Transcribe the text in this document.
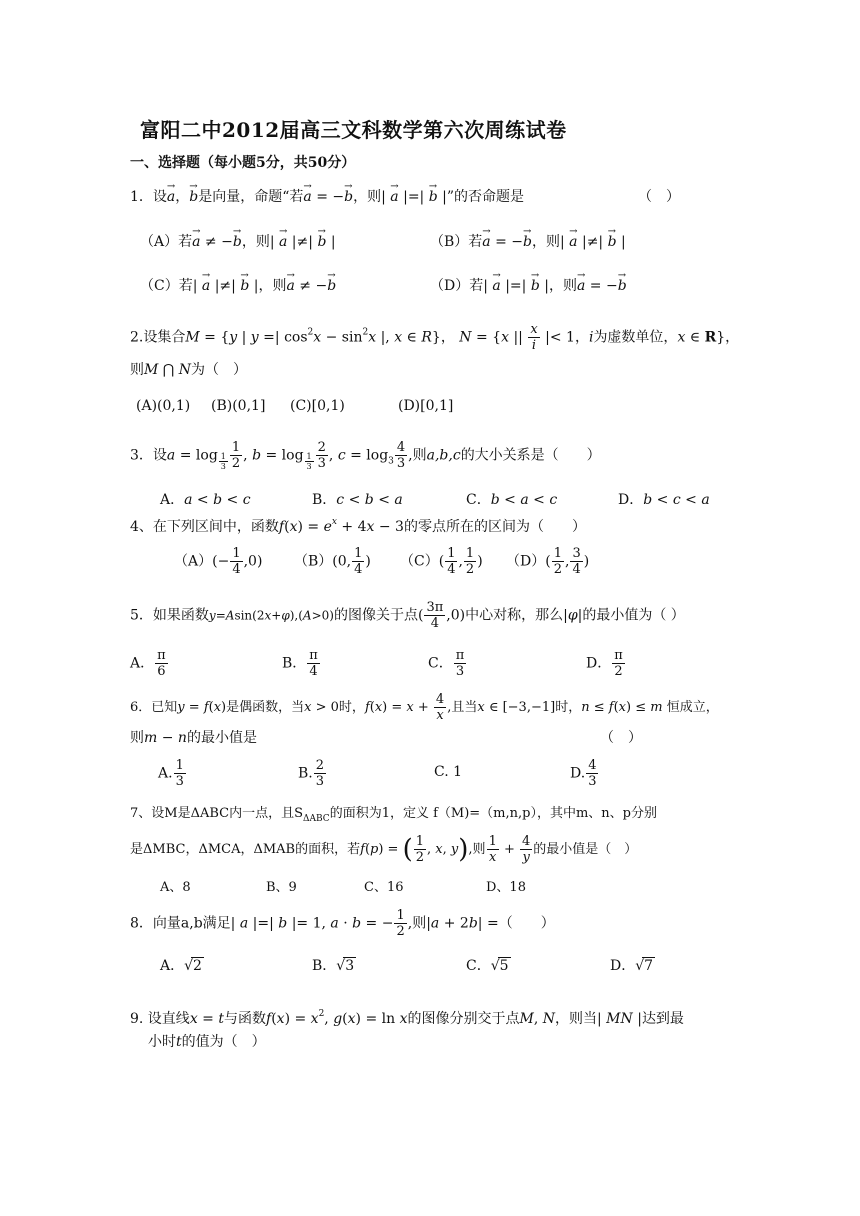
富阳二中2012届高三文科数学第六次周练试卷
一、选择题（每小题5分，共50分）
1．设→ a，→ b是向量，命题“若→ a = −→ b，则| → a |=| → b |”的否命题是	（　）
（A）若→ a ≠ −→ b，则| → a |≠| → b |	（B）若→ a = −→ b，则| → a |≠| → b |
（C）若| → a |≠| → b |，则→ a ≠ −→ b	（D）若| → a |=| → b |，则→ a = −→ b
2.设集合M = {y | y =| $\cos^2x - \sin^2x$ |, x ∈ R}， N = {x || $\frac{x}{i}$ |< 1，i为虚数单位，x ∈ R}，
则M ⋂ N为（　）
(A)(0,1) (B)(0,1] (C)[0,1)	(D)[0,1]
3．设$a = \log _{\frac{1}{3}} \frac{1}{2}$ , $b = \log _{\frac{1}{3}} \frac{2}{3}$ , $c = \log_3 \frac{4}{3}$ ,则a,b,c的大小关系是（　　）
A．a < b < c	B．c < b < a	C．b < a < c	D．b < c < a
4、在下列区间中，函数$f(x) = e^x + 4x - 3$的零点所在的区间为（　　）
$(A)(- \frac{1}{4} ,0)$ （B）(0, $\frac{1}{4}$ ) $(C)( \frac{1}{4}$ , $\frac{1}{2}$ ) $(D)( \frac{1}{2}$ , $\frac{3}{4}$ )
5．如果函数y=Asin(2x+φ),(A>0)的图像关于点( $\frac{3\pi}{4} ,0$)中心对称，那么|φ|的最小值为（ ）
A． $\frac{\pi}{6}$	B． $\frac{\pi}{4}$	C． $\frac{\pi}{3}$	D． $\frac{\pi}{2}$
6．已知y = f(x)是偶函数，当x > 0时，$f(x) = x + \frac{4}{x}$ ,且当x ∈ [−3,−1]时，n ≤ f(x) ≤ m 恒成立，
则m − n的最小值是	（　）
A. $\frac{1}{3}$	B. $\frac{2}{3}$	C. 1	D. $\frac{4}{3}$
7、设M是ΔABC内一点，且$S_{\Delta ABC}$的面积为1，定义 f（M)=（m,n,p），其中m、n、p分别
是ΔMBC，ΔMCA，ΔMAB的面积，若f(p) = ( $\frac{1}{2}$ , x, y),则 $\frac{1}{x} + \frac{4}{y}$ 的最小值是（　）
A、8	B、9	C、16	D、18
8．向量a,b满足| a |=| b |= 1, a · b = − $\frac{1}{2}$ ,则|a + 2b| =（　　）
A．√2	B．√3	C．√5	D．√7
9. 设直线x = t与函数$f(x) = x^2$, g(x) = ln x的图像分别交于点M, N，则当| MN |达到最
小时t的值为（　）
